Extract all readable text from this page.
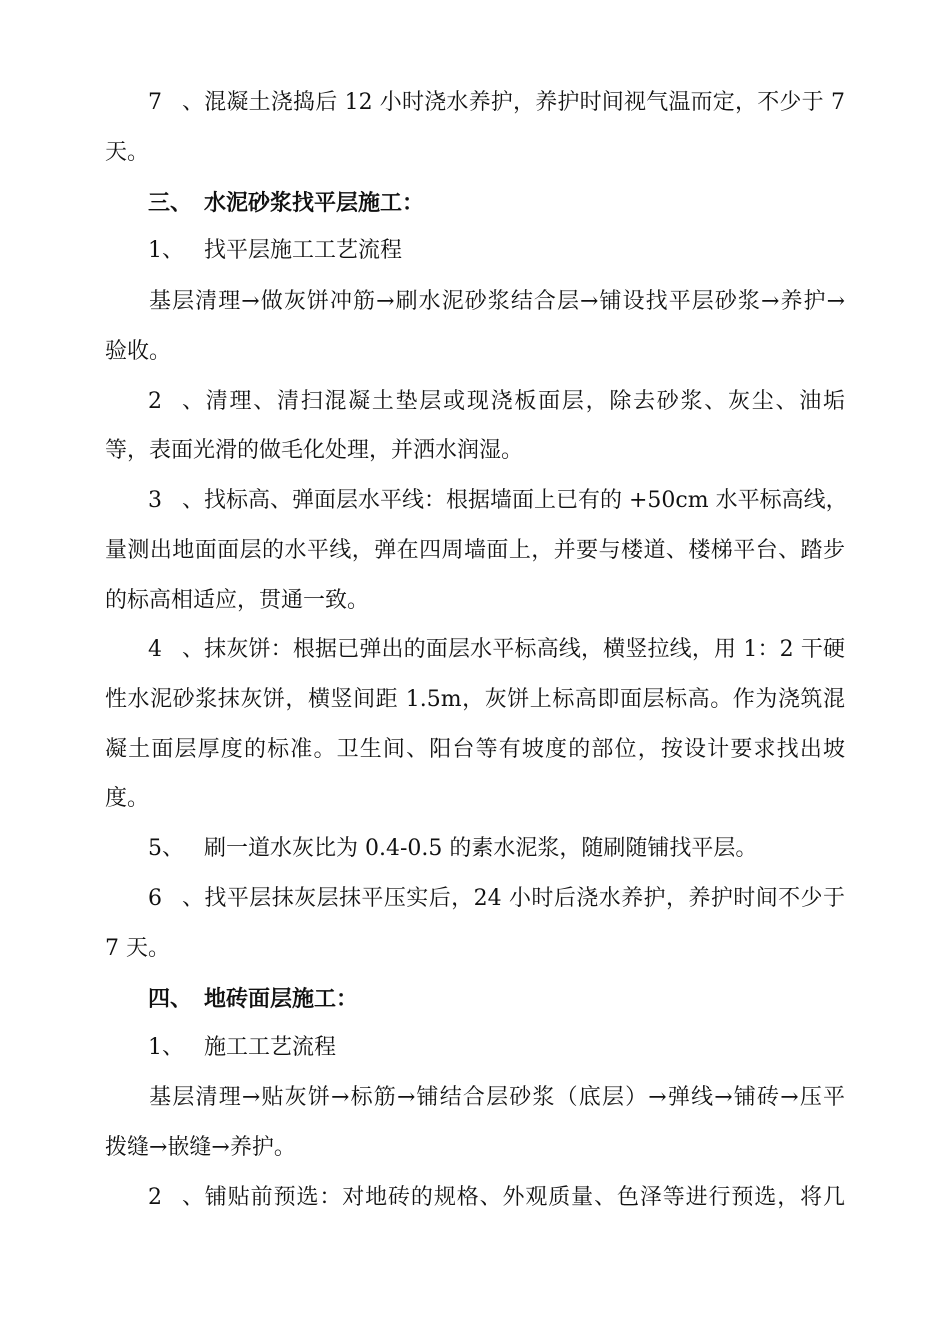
7、混凝土浇捣后 12 小时浇水养护，养护时间视气温而定，不少于 7
天。
三、 水泥砂浆找平层施工：
1、 找平层施工工艺流程
基层清理→做灰饼冲筋→刷水泥砂浆结合层→铺设找平层砂浆→养护→
验收。
2、清理、清扫混凝土垫层或现浇板面层，除去砂浆、灰尘、油垢
等，表面光滑的做毛化处理，并洒水润湿。
3、找标高、弹面层水平线：根据墙面上已有的 +50cm 水平标高线，
量测出地面面层的水平线，弹在四周墙面上，并要与楼道、楼梯平台、踏步
的标高相适应，贯通一致。
4、抹灰饼：根据已弹出的面层水平标高线，横竖拉线，用 1：2 干硬
性水泥砂浆抹灰饼，横竖间距 1.5m，灰饼上标高即面层标高。作为浇筑混
凝土面层厚度的标准。卫生间、阳台等有坡度的部位，按设计要求找出坡
度。
5、 刷一道水灰比为 0.4-0.5 的素水泥浆，随刷随铺找平层。
6、找平层抹灰层抹平压实后，24 小时后浇水养护，养护时间不少于
7 天。
四、 地砖面层施工：
1、 施工工艺流程
基层清理→贴灰饼→标筋→铺结合层砂浆（底层）→弹线→铺砖→压平
拨缝→嵌缝→养护。
2、铺贴前预选：对地砖的规格、外观质量、色泽等进行预选，将几
